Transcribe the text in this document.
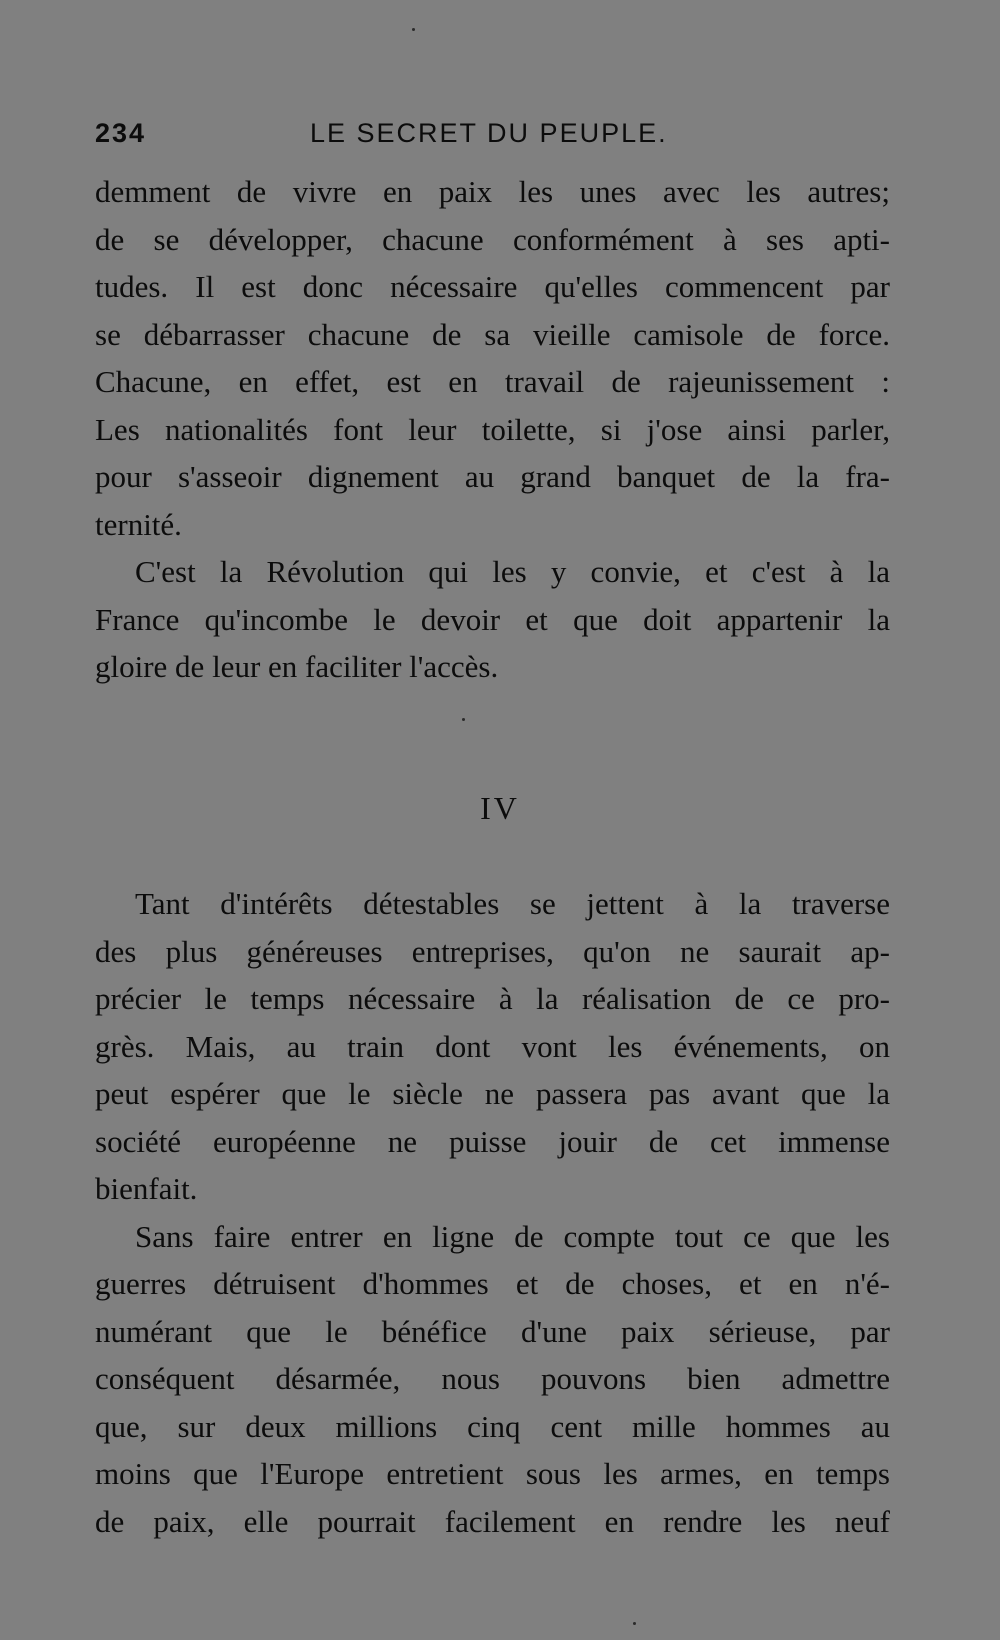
234	LE SECRET DU PEUPLE.
demment de vivre en paix les unes avec les autres;
de se développer, chacune conformément à ses apti-
tudes. Il est donc nécessaire qu'elles commencent par
se débarrasser chacune de sa vieille camisole de force.
Chacune, en effet, est en travail de rajeunissement :
Les nationalités font leur toilette, si j'ose ainsi parler,
pour s'asseoir dignement au grand banquet de la fra-
ternité.
C'est la Révolution qui les y convie, et c'est à la
France qu'incombe le devoir et que doit appartenir la
gloire de leur en faciliter l'accès.
IV
Tant d'intérêts détestables se jettent à la traverse
des plus généreuses entreprises, qu'on ne saurait ap-
précier le temps nécessaire à la réalisation de ce pro-
grès. Mais, au train dont vont les événements, on
peut espérer que le siècle ne passera pas avant que la
société européenne ne puisse jouir de cet immense
bienfait.
Sans faire entrer en ligne de compte tout ce que les
guerres détruisent d'hommes et de choses, et en n'é-
numérant que le bénéfice d'une paix sérieuse, par
conséquent désarmée, nous pouvons bien admettre
que, sur deux millions cinq cent mille hommes au
moins que l'Europe entretient sous les armes, en temps
de paix, elle pourrait facilement en rendre les neuf
